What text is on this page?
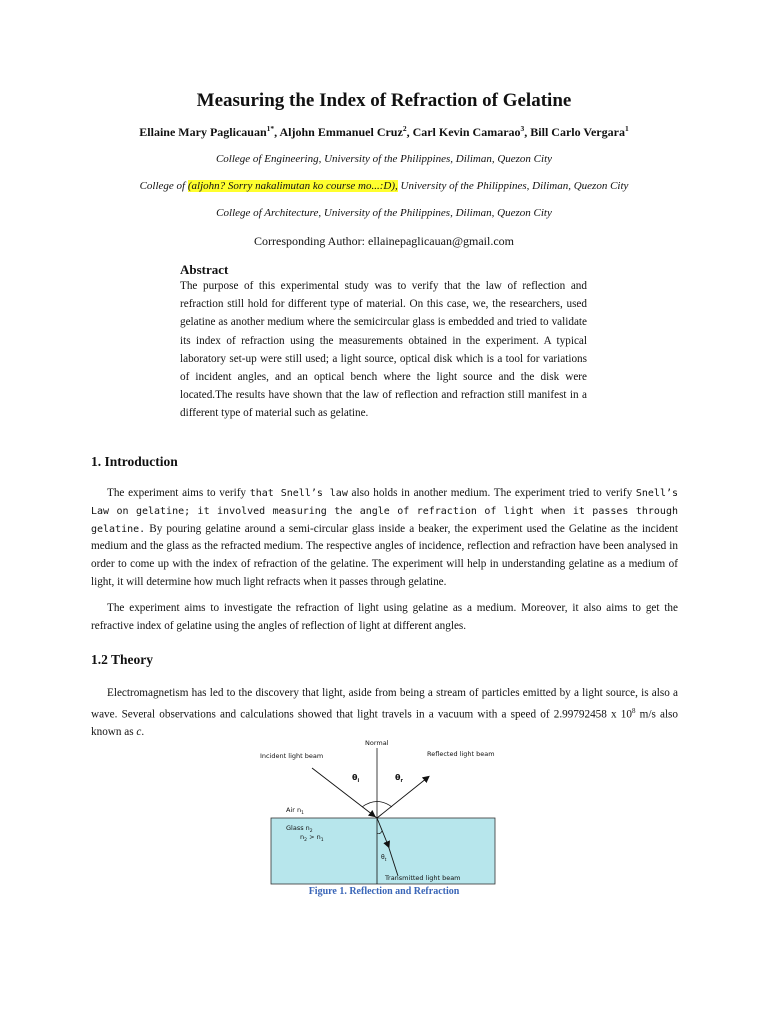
Measuring the Index of Refraction of Gelatine
Ellaine Mary Paglicauan$^{1*}$, Aljohn Emmanuel Cruz$^2$, Carl Kevin Camarao$^3$, Bill Carlo Vergara$^1$
College of Engineering, University of the Philippines, Diliman, Quezon City
College of (aljohn? Sorry nakalimutan ko course mo...:D), University of the Philippines, Diliman, Quezon City
College of Architecture, University of the Philippines, Diliman, Quezon City
Corresponding Author: ellainepaglicauan@gmail.com
Abstract
The purpose of this experimental study was to verify that the law of reflection and refraction still hold for different type of material. On this case, we, the researchers, used gelatine as another medium where the semicircular glass is embedded and tried to validate its index of refraction using the measurements obtained in the experiment. A typical laboratory set-up were still used; a light source, optical disk which is a tool for variations of incident angles, and an optical bench where the light source and the disk were located.The results have shown that the law of reflection and refraction still manifest in a different type of material such as gelatine.
1. Introduction
The experiment aims to verify that Snell’s law also holds in another medium. The experiment tried to verify Snell’s Law on gelatine; it involved measuring the angle of refraction of light when it passes through gelatine. By pouring gelatine around a semi-circular glass inside a beaker, the experiment used the Gelatine as the incident medium and the glass as the refracted medium. The respective angles of incidence, reflection and refraction have been analysed in order to come up with the index of refraction of the gelatine. The experiment will help in understanding gelatine as a medium of light, it will determine how much light refracts when it passes through gelatine.
The experiment aims to investigate the refraction of light using gelatine as a medium. Moreover, it also aims to get the refractive index of gelatine using the angles of reflection of light at different angles.
1.2 Theory
Electromagnetism has led to the discovery that light, aside from being a stream of particles emitted by a light source, is also a wave. Several observations and calculations showed that light travels in a vacuum with a speed of 2.99792458 x $10^8$ m/s also known as c.
Normal
Incident light beam	Reflected light beam
$\theta_i$	$\theta_r$
Air $n_1$
Glass $n_2$
$n_2 > n_1$
$\theta_t$
Transmitted light beam
Figure 1. Reflection and Refraction
